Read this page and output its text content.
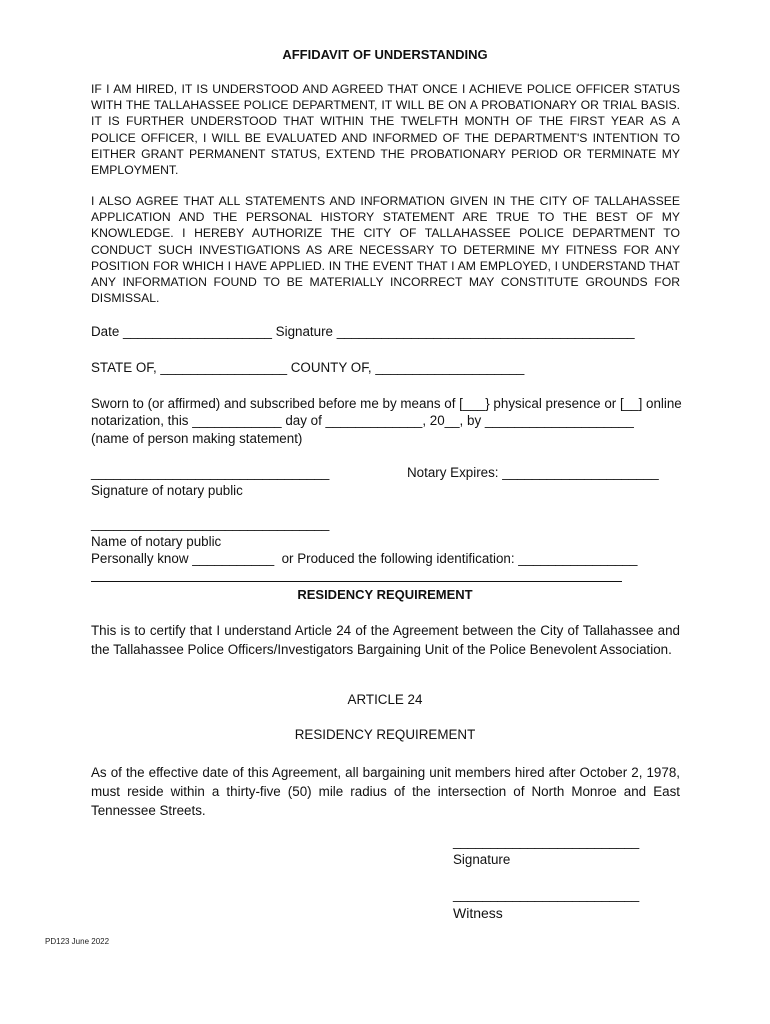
AFFIDAVIT OF UNDERSTANDING
IF I AM HIRED, IT IS UNDERSTOOD AND AGREED THAT ONCE I ACHIEVE POLICE OFFICER STATUS WITH THE TALLAHASSEE POLICE DEPARTMENT, IT WILL BE ON A PROBATIONARY OR TRIAL BASIS. IT IS FURTHER UNDERSTOOD THAT WITHIN THE TWELFTH MONTH OF THE FIRST YEAR AS A POLICE OFFICER, I WILL BE EVALUATED AND INFORMED OF THE DEPARTMENT'S INTENTION TO EITHER GRANT PERMANENT STATUS, EXTEND THE PROBATIONARY PERIOD OR TERMINATE MY EMPLOYMENT.
I ALSO AGREE THAT ALL STATEMENTS AND INFORMATION GIVEN IN THE CITY OF TALLAHASSEE APPLICATION AND THE PERSONAL HISTORY STATEMENT ARE TRUE TO THE BEST OF MY KNOWLEDGE. I HEREBY AUTHORIZE THE CITY OF TALLAHASSEE POLICE DEPARTMENT TO CONDUCT SUCH INVESTIGATIONS AS ARE NECESSARY TO DETERMINE MY FITNESS FOR ANY POSITION FOR WHICH I HAVE APPLIED. IN THE EVENT THAT I AM EMPLOYED, I UNDERSTAND THAT ANY INFORMATION FOUND TO BE MATERIALLY INCORRECT MAY CONSTITUTE GROUNDS FOR DISMISSAL.
Date ____________________ Signature ________________________________________
STATE OF, _________________ COUNTY OF, ____________________
Sworn to (or affirmed) and subscribed before me by means of [___} physical presence or [__] online
notarization, this ____________ day of _____________, 20__, by ____________________
(name of person making statement)
________________________________	Notary Expires: _____________________
Signature of notary public
________________________________
Name of notary public
Personally know ___________  or Produced the following identification: ________________
RESIDENCY REQUIREMENT
This is to certify that I understand Article 24 of the Agreement between the City of Tallahassee and the Tallahassee Police Officers/Investigators Bargaining Unit of the Police Benevolent Association.
ARTICLE 24
RESIDENCY REQUIREMENT
As of the effective date of this Agreement, all bargaining unit members hired after October 2, 1978, must reside within a thirty-five (50) mile radius of the intersection of North Monroe and East Tennessee Streets.
_________________________
Signature
_________________________
Witness
PD123 June 2022
